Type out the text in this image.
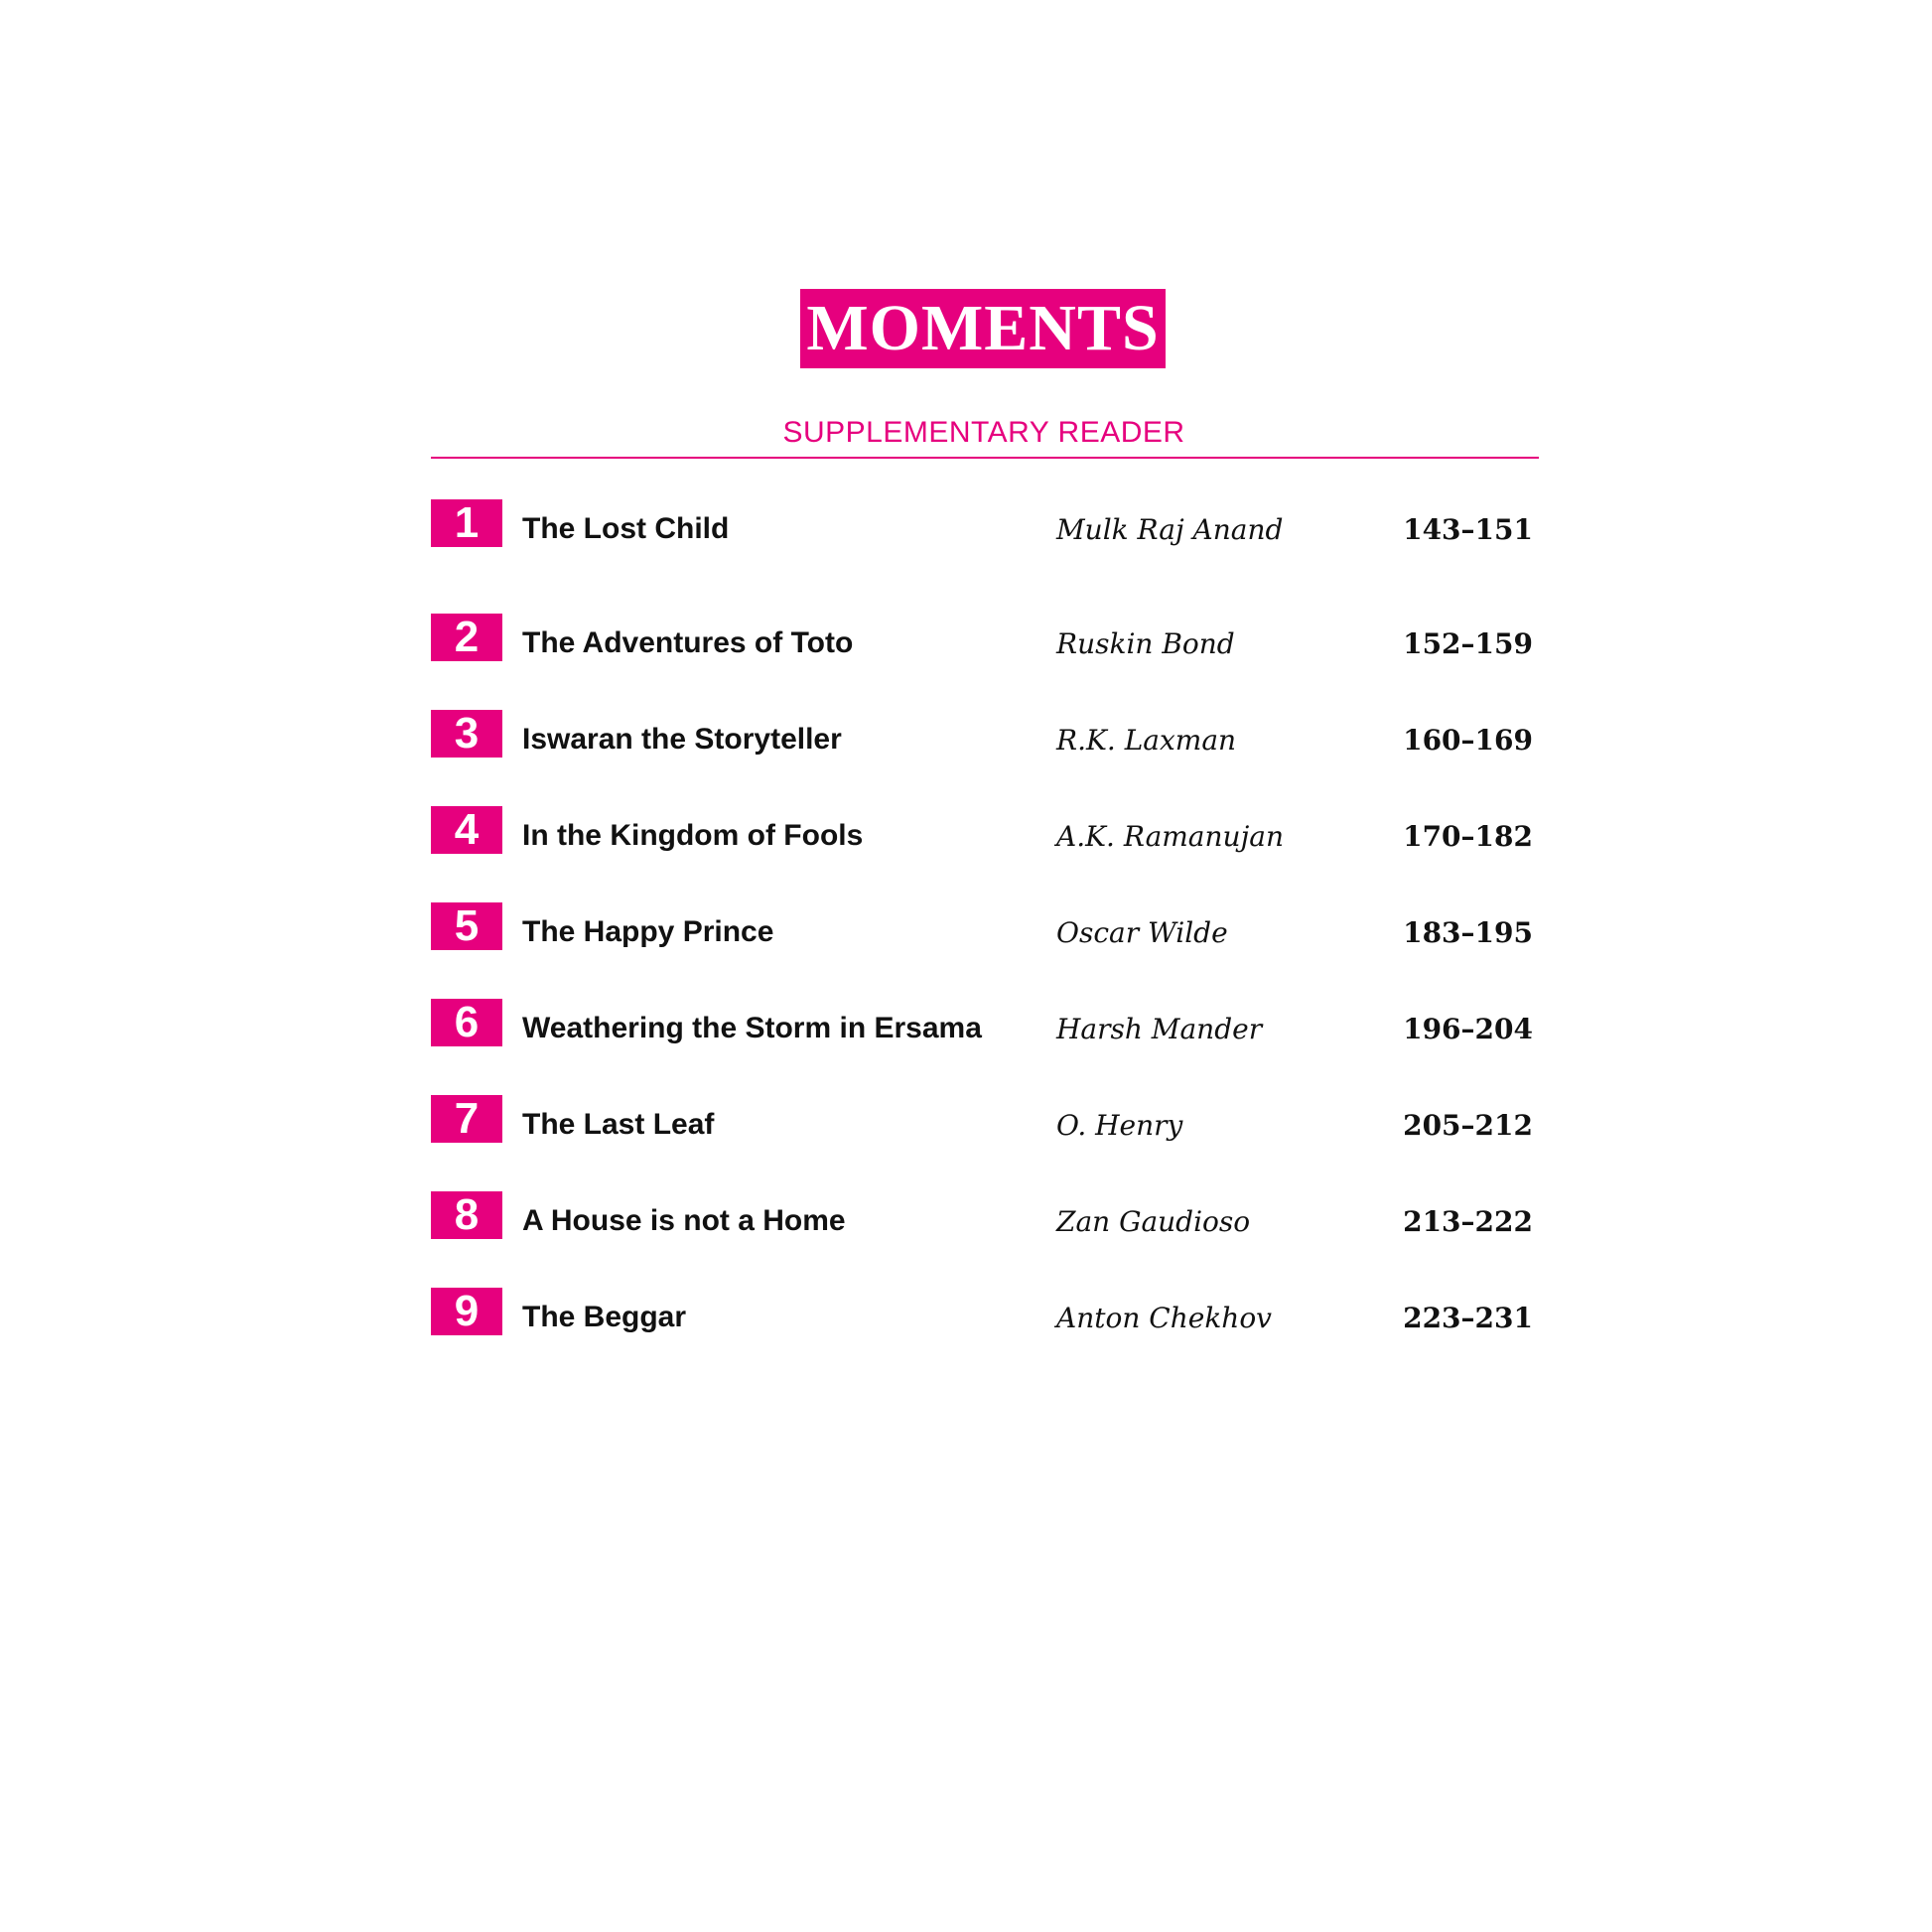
MOMENTS
SUPPLEMENTARY READER
1	The Lost Child	Mulk Raj Anand	143–151
2	The Adventures of Toto	Ruskin Bond	152–159
3	Iswaran the Storyteller	R.K. Laxman	160–169
4	In the Kingdom of Fools	A.K. Ramanujan	170–182
5	The Happy Prince	Oscar Wilde	183–195
6	Weathering the Storm in Ersama	Harsh Mander	196–204
7	The Last Leaf	O. Henry	205–212
8	A House is not a Home	Zan Gaudioso	213–222
9	The Beggar	Anton Chekhov	223–231
